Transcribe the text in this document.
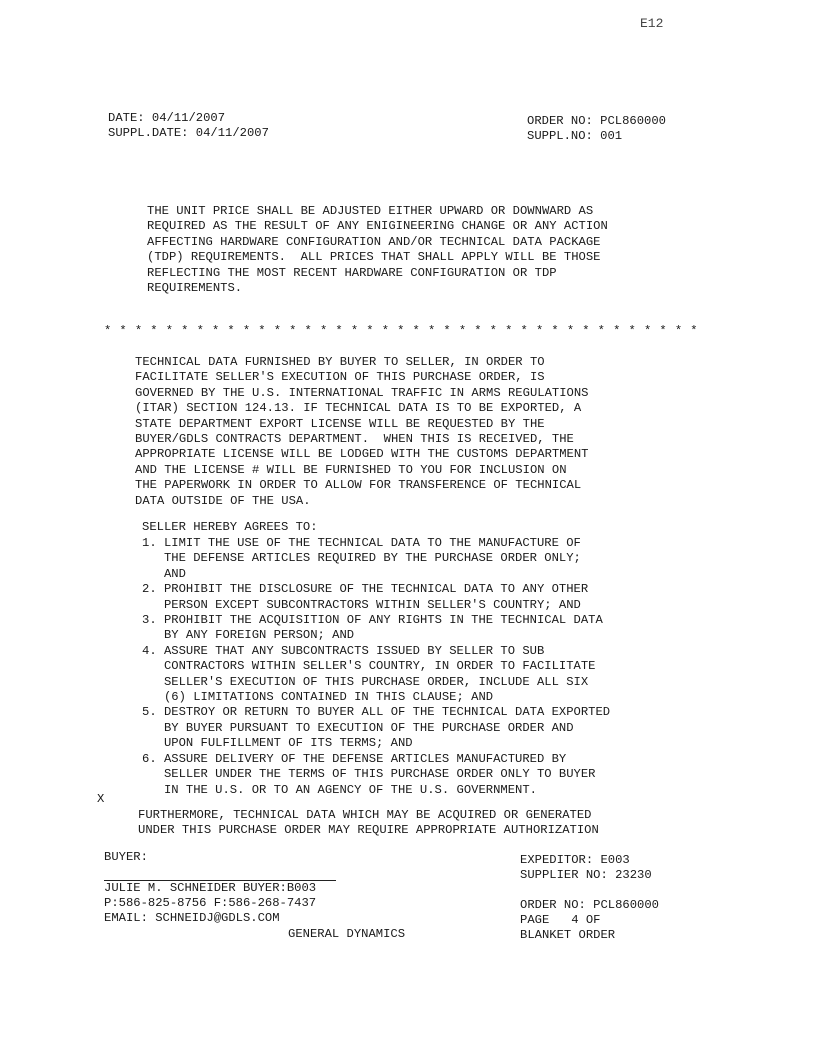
E12
DATE: 04/11/2007
SUPPL.DATE: 04/11/2007
ORDER NO: PCL860000
SUPPL.NO: 001
THE UNIT PRICE SHALL BE ADJUSTED EITHER UPWARD OR DOWNWARD AS
REQUIRED AS THE RESULT OF ANY ENIGINEERING CHANGE OR ANY ACTION
AFFECTING HARDWARE CONFIGURATION AND/OR TECHNICAL DATA PACKAGE
(TDP) REQUIREMENTS.  ALL PRICES THAT SHALL APPLY WILL BE THOSE
REFLECTING THE MOST RECENT HARDWARE CONFIGURATION OR TDP
REQUIREMENTS.
* * * * * * * * * * * * * * * * * * * * * * * * * * * * * * * * * * * * * * *
TECHNICAL DATA FURNISHED BY BUYER TO SELLER, IN ORDER TO
FACILITATE SELLER'S EXECUTION OF THIS PURCHASE ORDER, IS
GOVERNED BY THE U.S. INTERNATIONAL TRAFFIC IN ARMS REGULATIONS
(ITAR) SECTION 124.13. IF TECHNICAL DATA IS TO BE EXPORTED, A
STATE DEPARTMENT EXPORT LICENSE WILL BE REQUESTED BY THE
BUYER/GDLS CONTRACTS DEPARTMENT.  WHEN THIS IS RECEIVED, THE
APPROPRIATE LICENSE WILL BE LODGED WITH THE CUSTOMS DEPARTMENT
AND THE LICENSE # WILL BE FURNISHED TO YOU FOR INCLUSION ON
THE PAPERWORK IN ORDER TO ALLOW FOR TRANSFERENCE OF TECHNICAL
DATA OUTSIDE OF THE USA.
SELLER HEREBY AGREES TO:
1. LIMIT THE USE OF THE TECHNICAL DATA TO THE MANUFACTURE OF
THE DEFENSE ARTICLES REQUIRED BY THE PURCHASE ORDER ONLY;
AND
2. PROHIBIT THE DISCLOSURE OF THE TECHNICAL DATA TO ANY OTHER
PERSON EXCEPT SUBCONTRACTORS WITHIN SELLER'S COUNTRY; AND
3. PROHIBIT THE ACQUISITION OF ANY RIGHTS IN THE TECHNICAL DATA
BY ANY FOREIGN PERSON; AND
4. ASSURE THAT ANY SUBCONTRACTS ISSUED BY SELLER TO SUB
CONTRACTORS WITHIN SELLER'S COUNTRY, IN ORDER TO FACILITATE
SELLER'S EXECUTION OF THIS PURCHASE ORDER, INCLUDE ALL SIX
(6) LIMITATIONS CONTAINED IN THIS CLAUSE; AND
5. DESTROY OR RETURN TO BUYER ALL OF THE TECHNICAL DATA EXPORTED
BY BUYER PURSUANT TO EXECUTION OF THE PURCHASE ORDER AND
UPON FULFILLMENT OF ITS TERMS; AND
6. ASSURE DELIVERY OF THE DEFENSE ARTICLES MANUFACTURED BY
SELLER UNDER THE TERMS OF THIS PURCHASE ORDER ONLY TO BUYER
IN THE U.S. OR TO AN AGENCY OF THE U.S. GOVERNMENT.
X
FURTHERMORE, TECHNICAL DATA WHICH MAY BE ACQUIRED OR GENERATED
UNDER THIS PURCHASE ORDER MAY REQUIRE APPROPRIATE AUTHORIZATION
BUYER:
JULIE M. SCHNEIDER BUYER:B003
P:586-825-8756 F:586-268-7437
EMAIL: SCHNEIDJ@GDLS.COM
GENERAL DYNAMICS
EXPEDITOR: E003
SUPPLIER NO: 23230
ORDER NO: PCL860000
PAGE   4 OF
BLANKET ORDER
